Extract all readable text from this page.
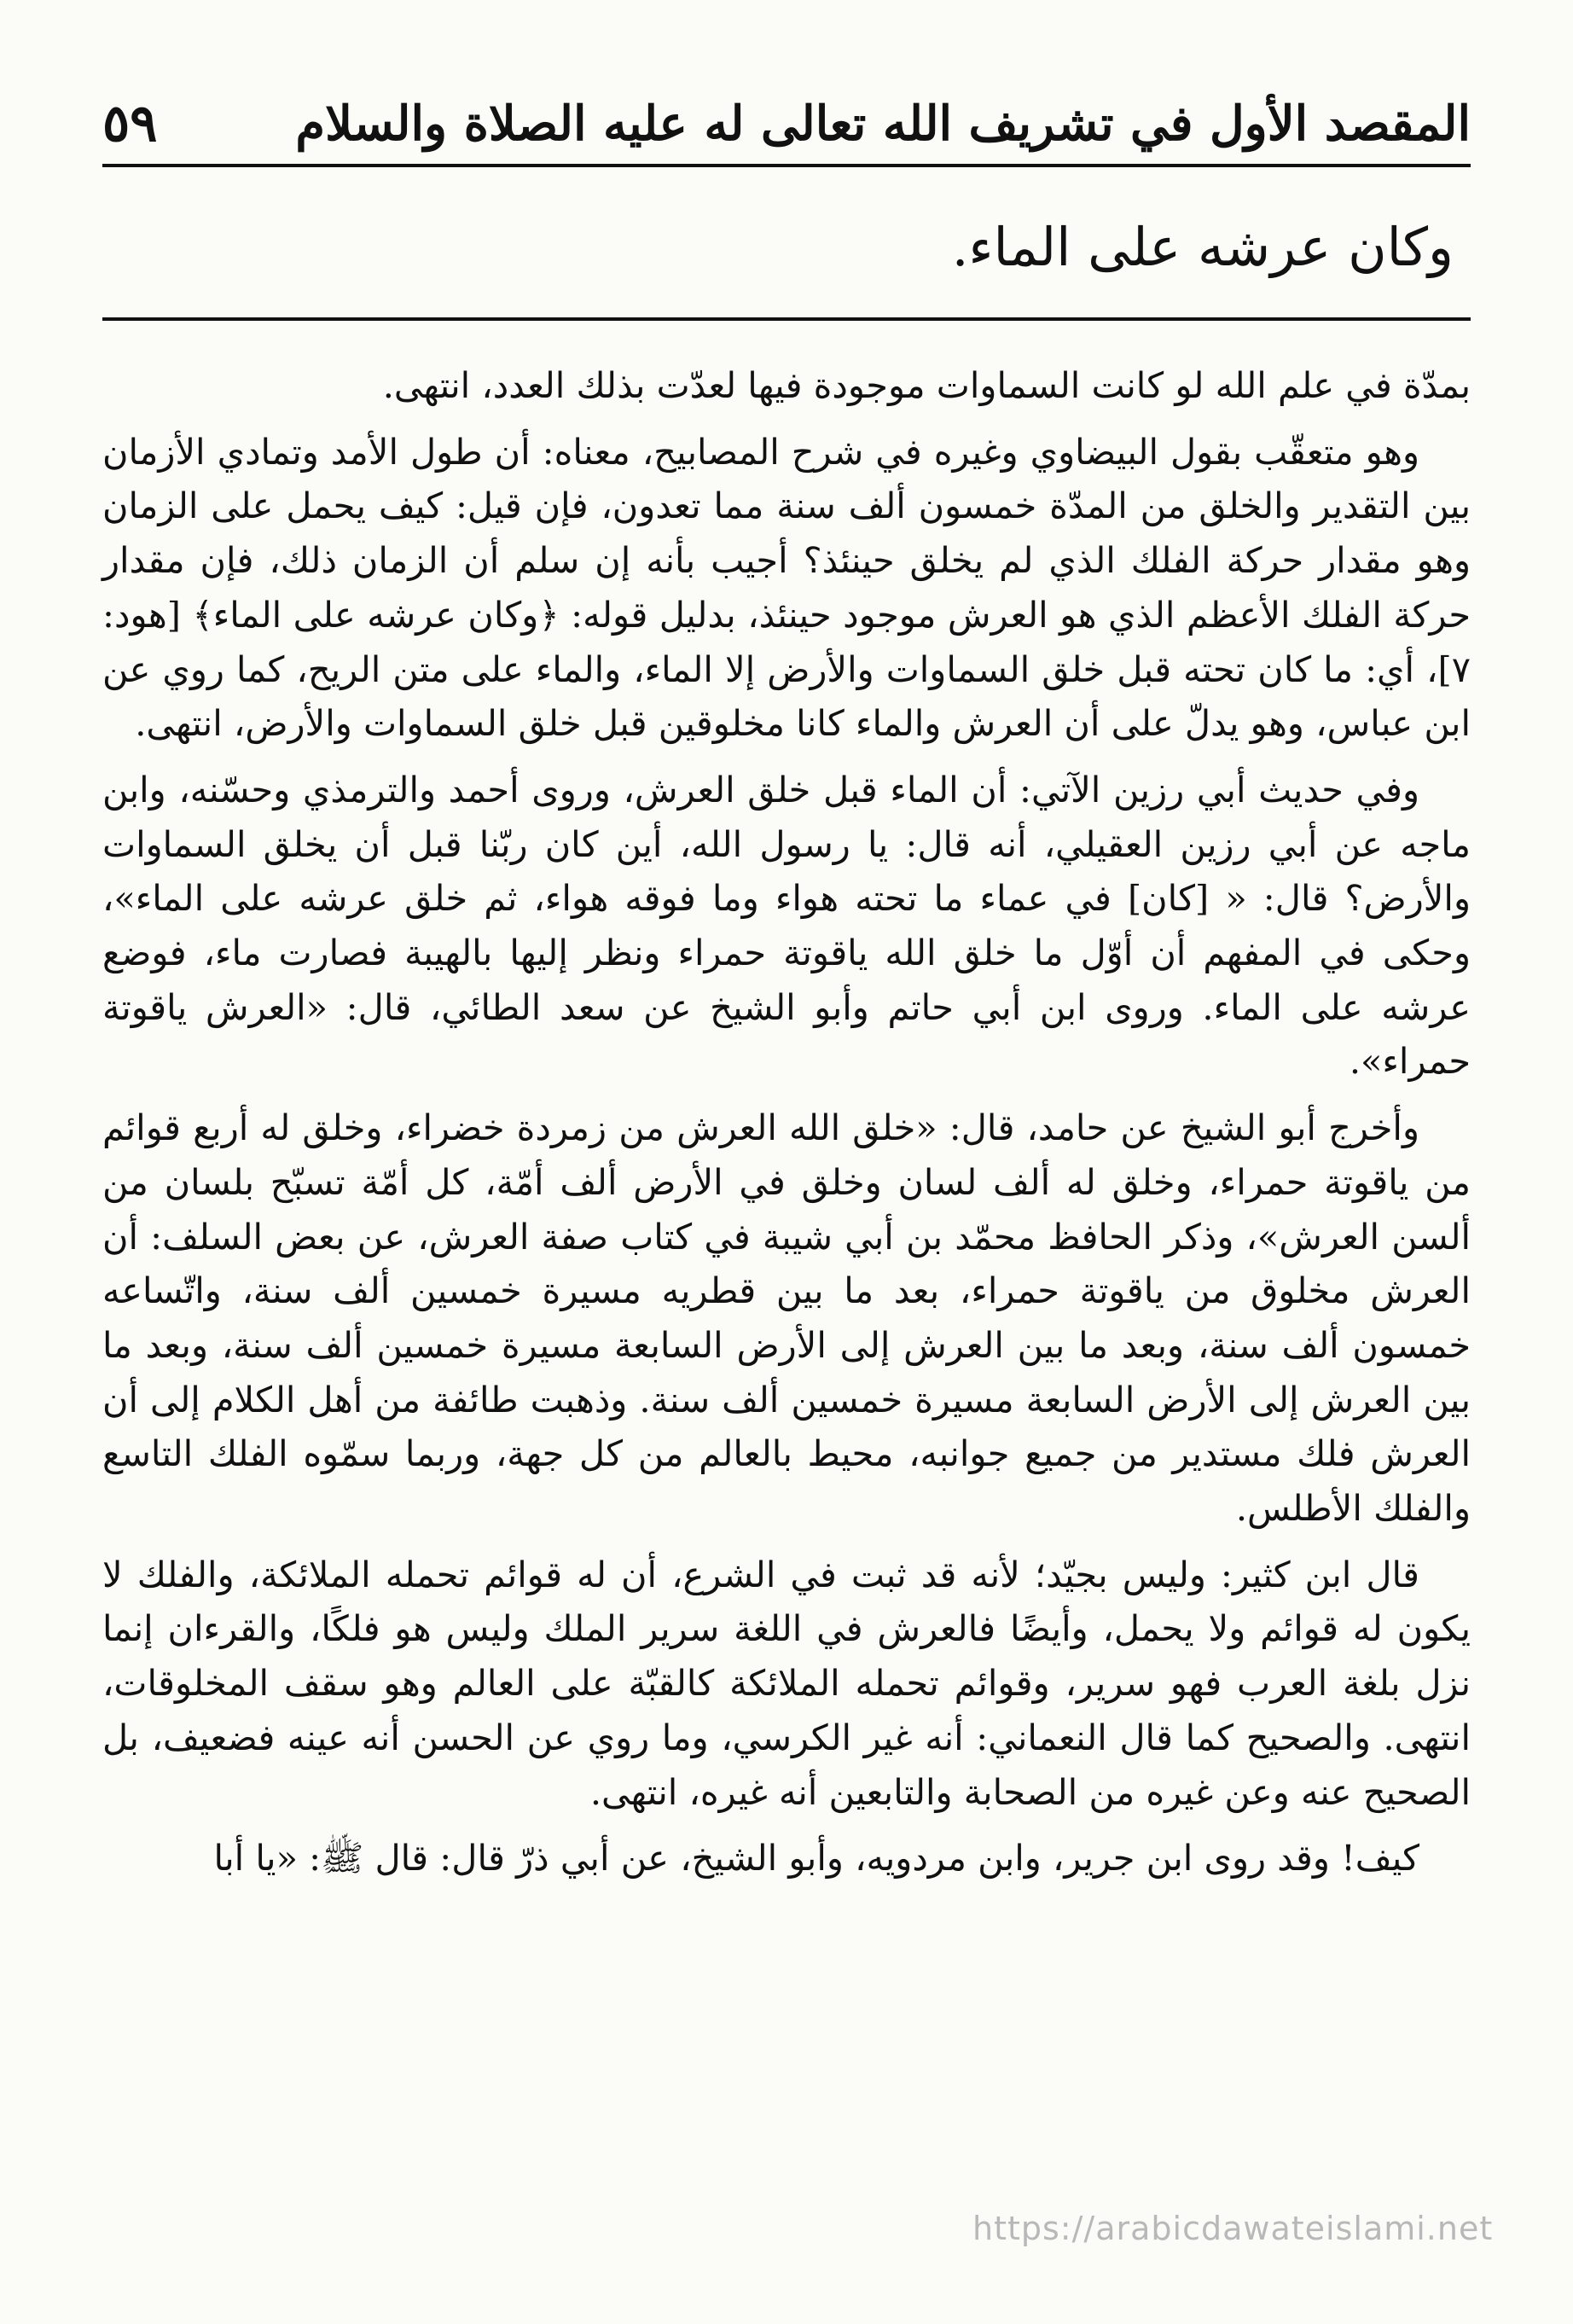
المقصد الأول في تشريف الله تعالى له عليه الصلاة والسلام
٥٩
وكان عرشه على الماء.

بمدّة في علم الله لو كانت السماوات موجودة فيها لعدّت بذلك العدد، انتهى.

وهو متعقّب بقول البيضاوي وغيره في شرح المصابيح، معناه: أن طول الأمد وتمادي الأزمان بين التقدير والخلق من المدّة خمسون ألف سنة مما تعدون، فإن قيل: كيف يحمل على الزمان وهو مقدار حركة الفلك الذي لم يخلق حينئذ؟ أجيب بأنه إن سلم أن الزمان ذلك، فإن مقدار حركة الفلك الأعظم الذي هو العرش موجود حينئذ، بدليل قوله: ﴿وكان عرشه على الماء﴾ [هود: ٧]، أي: ما كان تحته قبل خلق السماوات والأرض إلا الماء، والماء على متن الريح، كما روي عن ابن عباس، وهو يدلّ على أن العرش والماء كانا مخلوقين قبل خلق السماوات والأرض، انتهى.

وفي حديث أبي رزين الآتي: أن الماء قبل خلق العرش، وروى أحمد والترمذي وحسّنه، وابن ماجه عن أبي رزين العقيلي، أنه قال: يا رسول الله، أين كان ربّنا قبل أن يخلق السماوات والأرض؟ قال: « [كان] في عماء ما تحته هواء وما فوقه هواء، ثم خلق عرشه على الماء»، وحكى في المفهم أن أوّل ما خلق الله ياقوتة حمراء ونظر إليها بالهيبة فصارت ماء، فوضع عرشه على الماء. وروى ابن أبي حاتم وأبو الشيخ عن سعد الطائي، قال: «العرش ياقوتة حمراء».

وأخرج أبو الشيخ عن حامد، قال: «خلق الله العرش من زمردة خضراء، وخلق له أربع قوائم من ياقوتة حمراء، وخلق له ألف لسان وخلق في الأرض ألف أمّة، كل أمّة تسبّح بلسان من ألسن العرش»، وذكر الحافظ محمّد بن أبي شيبة في كتاب صفة العرش، عن بعض السلف: أن العرش مخلوق من ياقوتة حمراء، بعد ما بين قطريه مسيرة خمسين ألف سنة، واتّساعه خمسون ألف سنة، وبعد ما بين العرش إلى الأرض السابعة مسيرة خمسين ألف سنة، وبعد ما بين العرش إلى الأرض السابعة مسيرة خمسين ألف سنة. وذهبت طائفة من أهل الكلام إلى أن العرش فلك مستدير من جميع جوانبه، محيط بالعالم من كل جهة، وربما سمّوه الفلك التاسع والفلك الأطلس.

قال ابن كثير: وليس بجيّد؛ لأنه قد ثبت في الشرع، أن له قوائم تحمله الملائكة، والفلك لا يكون له قوائم ولا يحمل، وأيضًا فالعرش في اللغة سرير الملك وليس هو فلكًا، والقرءان إنما نزل بلغة العرب فهو سرير، وقوائم تحمله الملائكة كالقبّة على العالم وهو سقف المخلوقات، انتهى. والصحيح كما قال النعماني: أنه غير الكرسي، وما روي عن الحسن أنه عينه فضعيف، بل الصحيح عنه وعن غيره من الصحابة والتابعين أنه غيره، انتهى.

كيف! وقد روى ابن جرير، وابن مردويه، وأبو الشيخ، عن أبي ذرّ قال: قال ﷺ: «يا أبا

https://arabicdawateislami.net
